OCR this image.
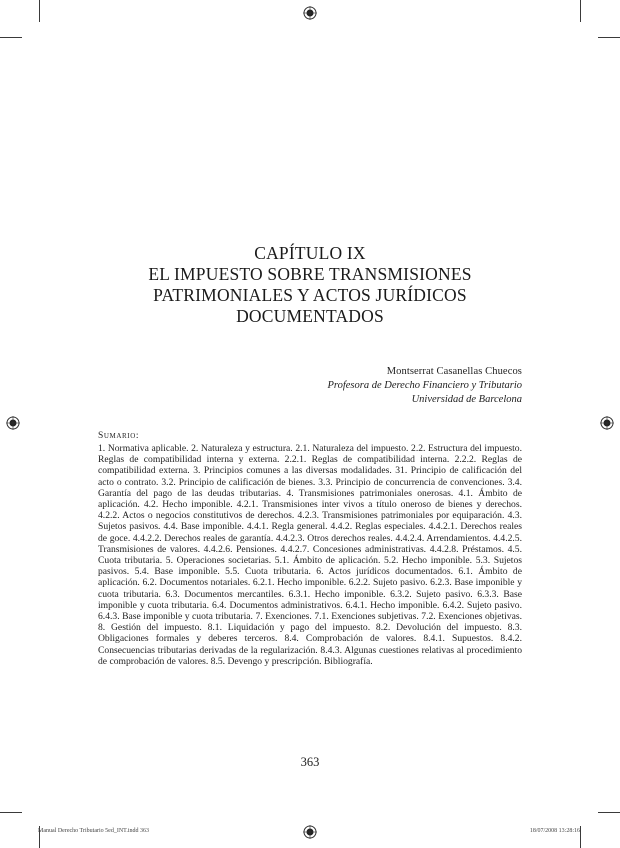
CAPÍTULO IX
EL IMPUESTO SOBRE TRANSMISIONES
PATRIMONIALES Y ACTOS JURÍDICOS
DOCUMENTADOS
Montserrat Casanellas Chuecos
Profesora de Derecho Financiero y Tributario
Universidad de Barcelona
Sumario:
1. Normativa aplicable. 2. Naturaleza y estructura. 2.1. Naturaleza del impuesto. 2.2. Estructura del impuesto. Reglas de compatibilidad interna y externa. 2.2.1. Reglas de compatibilidad interna. 2.2.2. Reglas de compatibilidad externa. 3. Principios comunes a las diversas modalidades. 31. Principio de calificación del acto o contrato. 3.2. Principio de calificación de bienes. 3.3. Principio de concurrencia de convenciones. 3.4. Garantía del pago de las deudas tributarias. 4. Transmisiones patrimoniales onerosas. 4.1. Ámbito de aplicación. 4.2. Hecho imponible. 4.2.1. Transmisiones inter vivos a título oneroso de bienes y derechos. 4.2.2. Actos o negocios constitutivos de derechos. 4.2.3. Transmisiones patrimoniales por equiparación. 4.3. Sujetos pasivos. 4.4. Base imponible. 4.4.1. Regla general. 4.4.2. Reglas especiales. 4.4.2.1. Derechos reales de goce. 4.4.2.2. Derechos reales de garantía. 4.4.2.3. Otros derechos reales. 4.4.2.4. Arrendamientos. 4.4.2.5. Transmisiones de valores. 4.4.2.6. Pensiones. 4.4.2.7. Concesiones administrativas. 4.4.2.8. Préstamos. 4.5. Cuota tributaria. 5. Operaciones societarias. 5.1. Ámbito de aplicación. 5.2. Hecho imponible. 5.3. Sujetos pasivos. 5.4. Base imponible. 5.5. Cuota tributaria. 6. Actos jurídicos documentados. 6.1. Ámbito de aplicación. 6.2. Documentos notariales. 6.2.1. Hecho imponible. 6.2.2. Sujeto pasivo. 6.2.3. Base imponible y cuota tributaria. 6.3. Documentos mercantiles. 6.3.1. Hecho imponible. 6.3.2. Sujeto pasivo. 6.3.3. Base imponible y cuota tributaria. 6.4. Documentos administrativos. 6.4.1. Hecho imponible. 6.4.2. Sujeto pasivo. 6.4.3. Base imponible y cuota tributaria. 7. Exenciones. 7.1. Exenciones subjetivas. 7.2. Exenciones objetivas. 8. Gestión del impuesto. 8.1. Liquidación y pago del impuesto. 8.2. Devolución del impuesto. 8.3. Obligaciones formales y deberes terceros. 8.4. Comprobación de valores. 8.4.1. Supuestos. 8.4.2. Consecuencias tributarias derivadas de la regularización. 8.4.3. Algunas cuestiones relativas al procedimiento de comprobación de valores. 8.5. Devengo y prescripción. Bibliografía.
363
Manual Derecho Tributario 5ed_INT.indd 363	18/07/2008 13:28:16
